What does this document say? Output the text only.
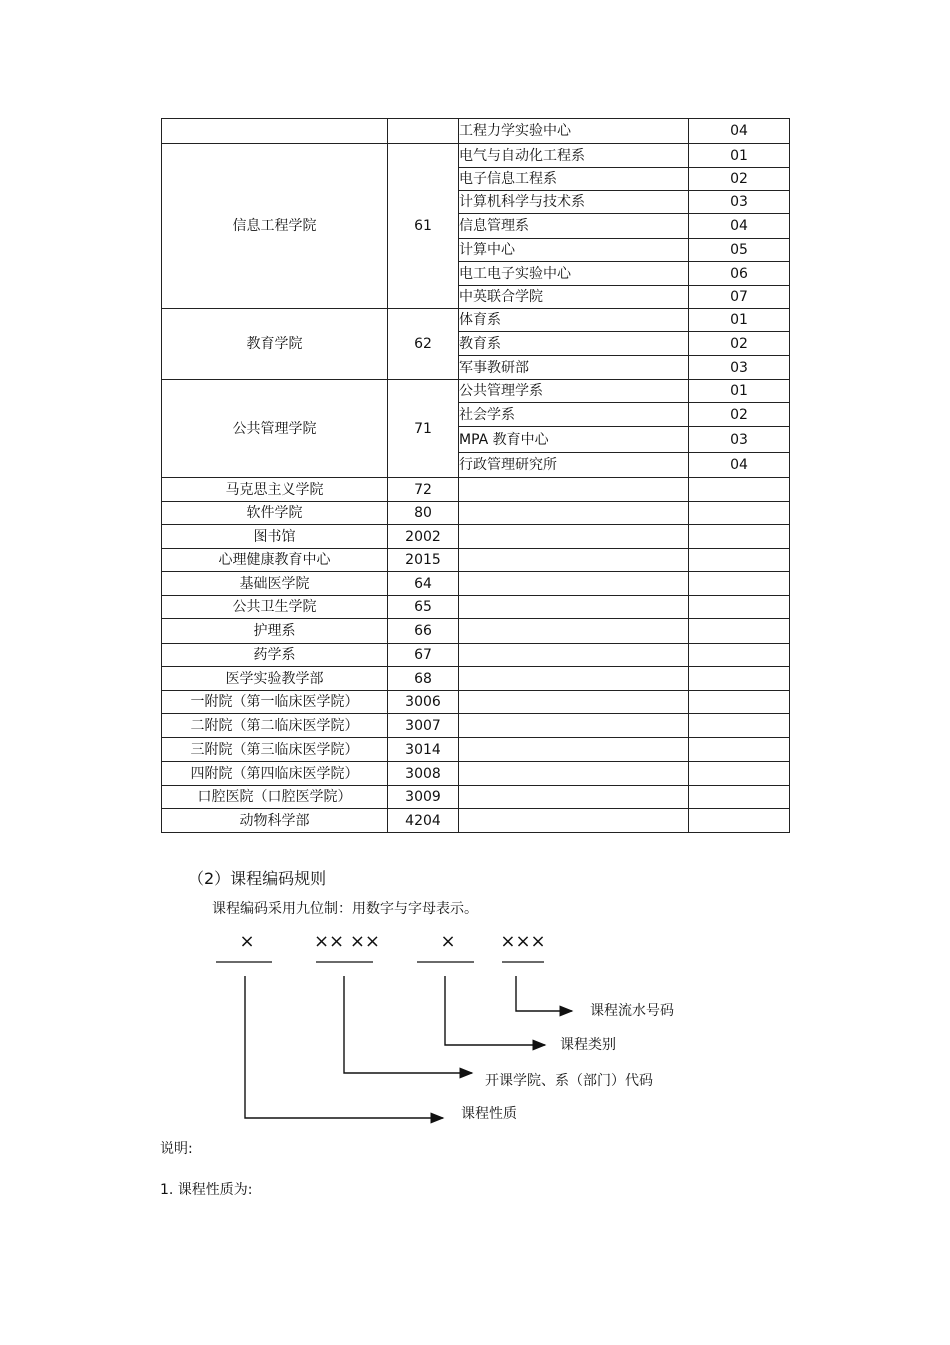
		工程力学实验中心	04
信息工程学院	61	电气与自动化工程系	01
		电子信息工程系	02
		计算机科学与技术系	03
		信息管理系	04
		计算中心	05
		电工电子实验中心	06
		中英联合学院	07
教育学院	62	体育系	01
		教育系	02
		军事教研部	03
公共管理学院	71	公共管理学系	01
		社会学系	02
		MPA 教育中心	03
		行政管理研究所	04
马克思主义学院	72		
软件学院	80		
图书馆	2002		
心理健康教育中心	2015		
基础医学院	64		
公共卫生学院	65		
护理系	66		
药学系	67		
医学实验教学部	68		
一附院（第一临床医学院）	3006		
二附院（第二临床医学院）	3007		
三附院（第三临床医学院）	3014		
四附院（第四临床医学院）	3008		
口腔医院（口腔医学院）	3009		
动物科学部	4204		
（2）课程编码规则
课程编码采用九位制：用数字与字母表示。
×	×× ××	× ×××
课程流水号码
课程类别
开课学院、系（部门）代码
课程性质
说明:
1. 课程性质为:
